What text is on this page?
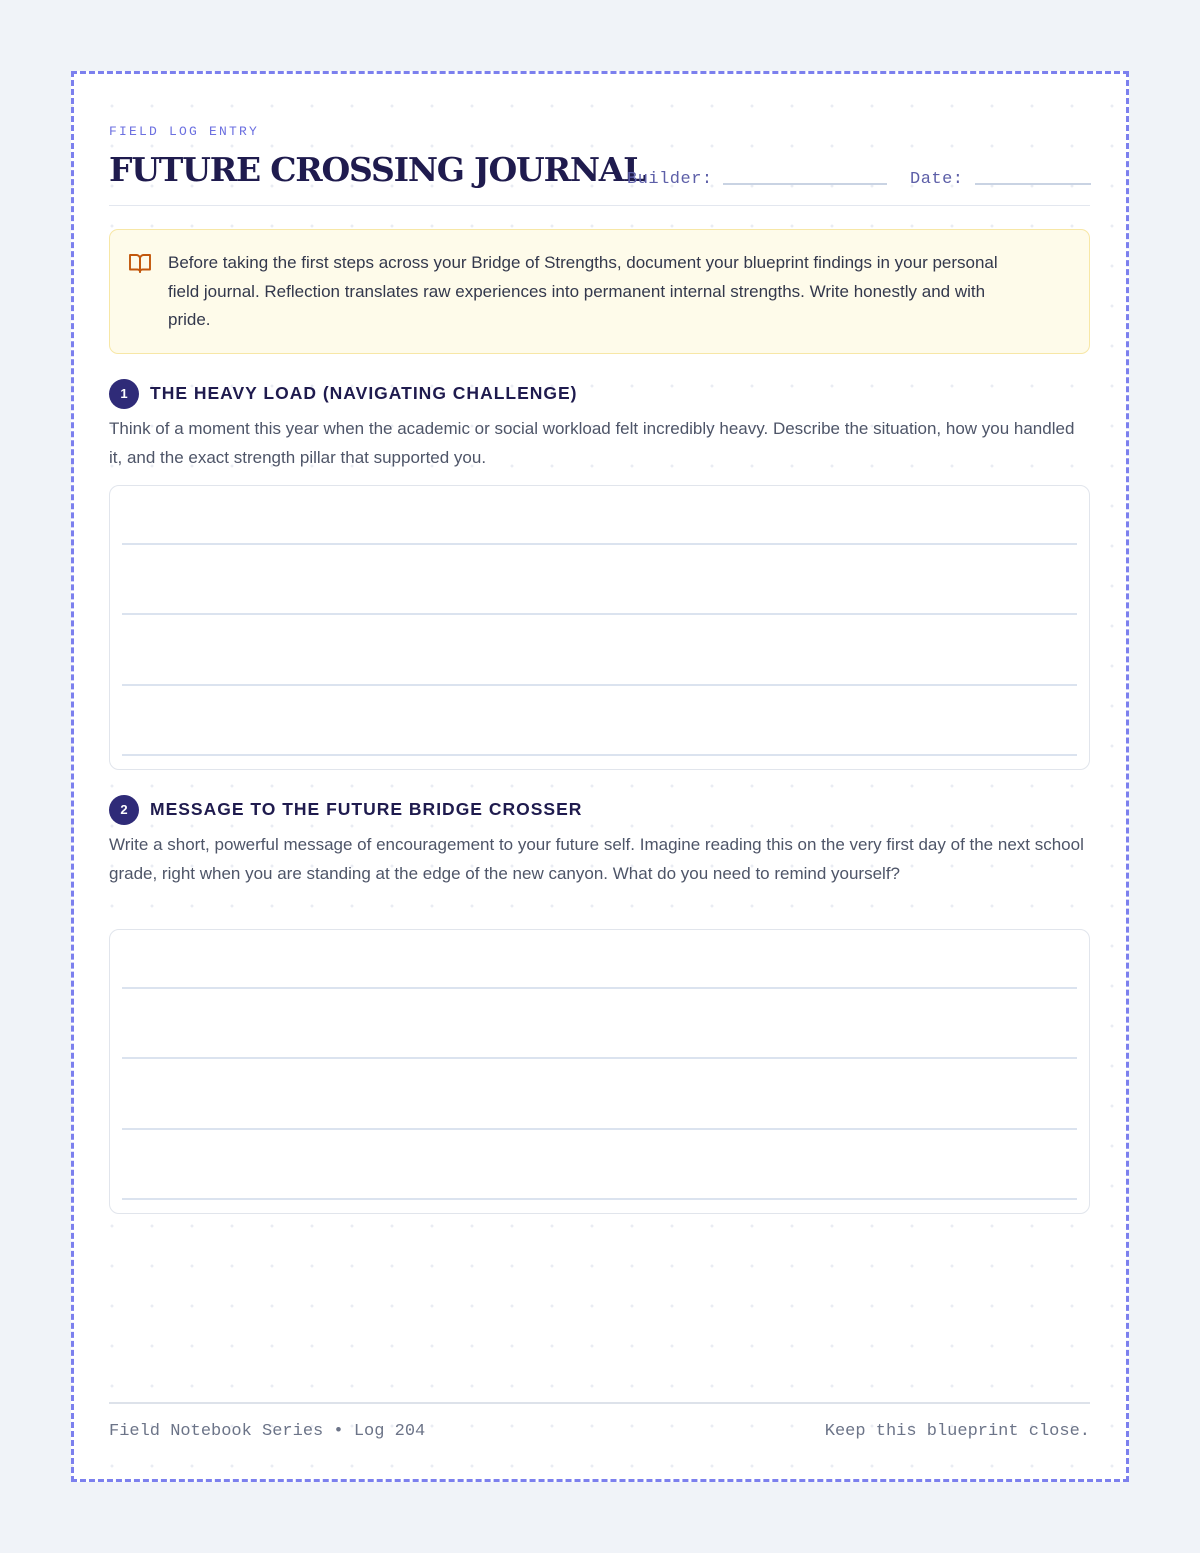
FIELD LOG ENTRY
FUTURE CROSSING JOURNAL
Builder:	Date:
Before taking the first steps across your Bridge of Strengths, document your blueprint findings in your personal field journal. Reflection translates raw experiences into permanent internal strengths. Write honestly and with pride.
1	THE HEAVY LOAD (NAVIGATING CHALLENGE)
Think of a moment this year when the academic or social workload felt incredibly heavy. Describe the situation, how you handled it, and the exact strength pillar that supported you.
2	MESSAGE TO THE FUTURE BRIDGE CROSSER
Write a short, powerful message of encouragement to your future self. Imagine reading this on the very first day of the next school grade, right when you are standing at the edge of the new canyon. What do you need to remind yourself?
Field Notebook Series • Log 204	Keep this blueprint close.
